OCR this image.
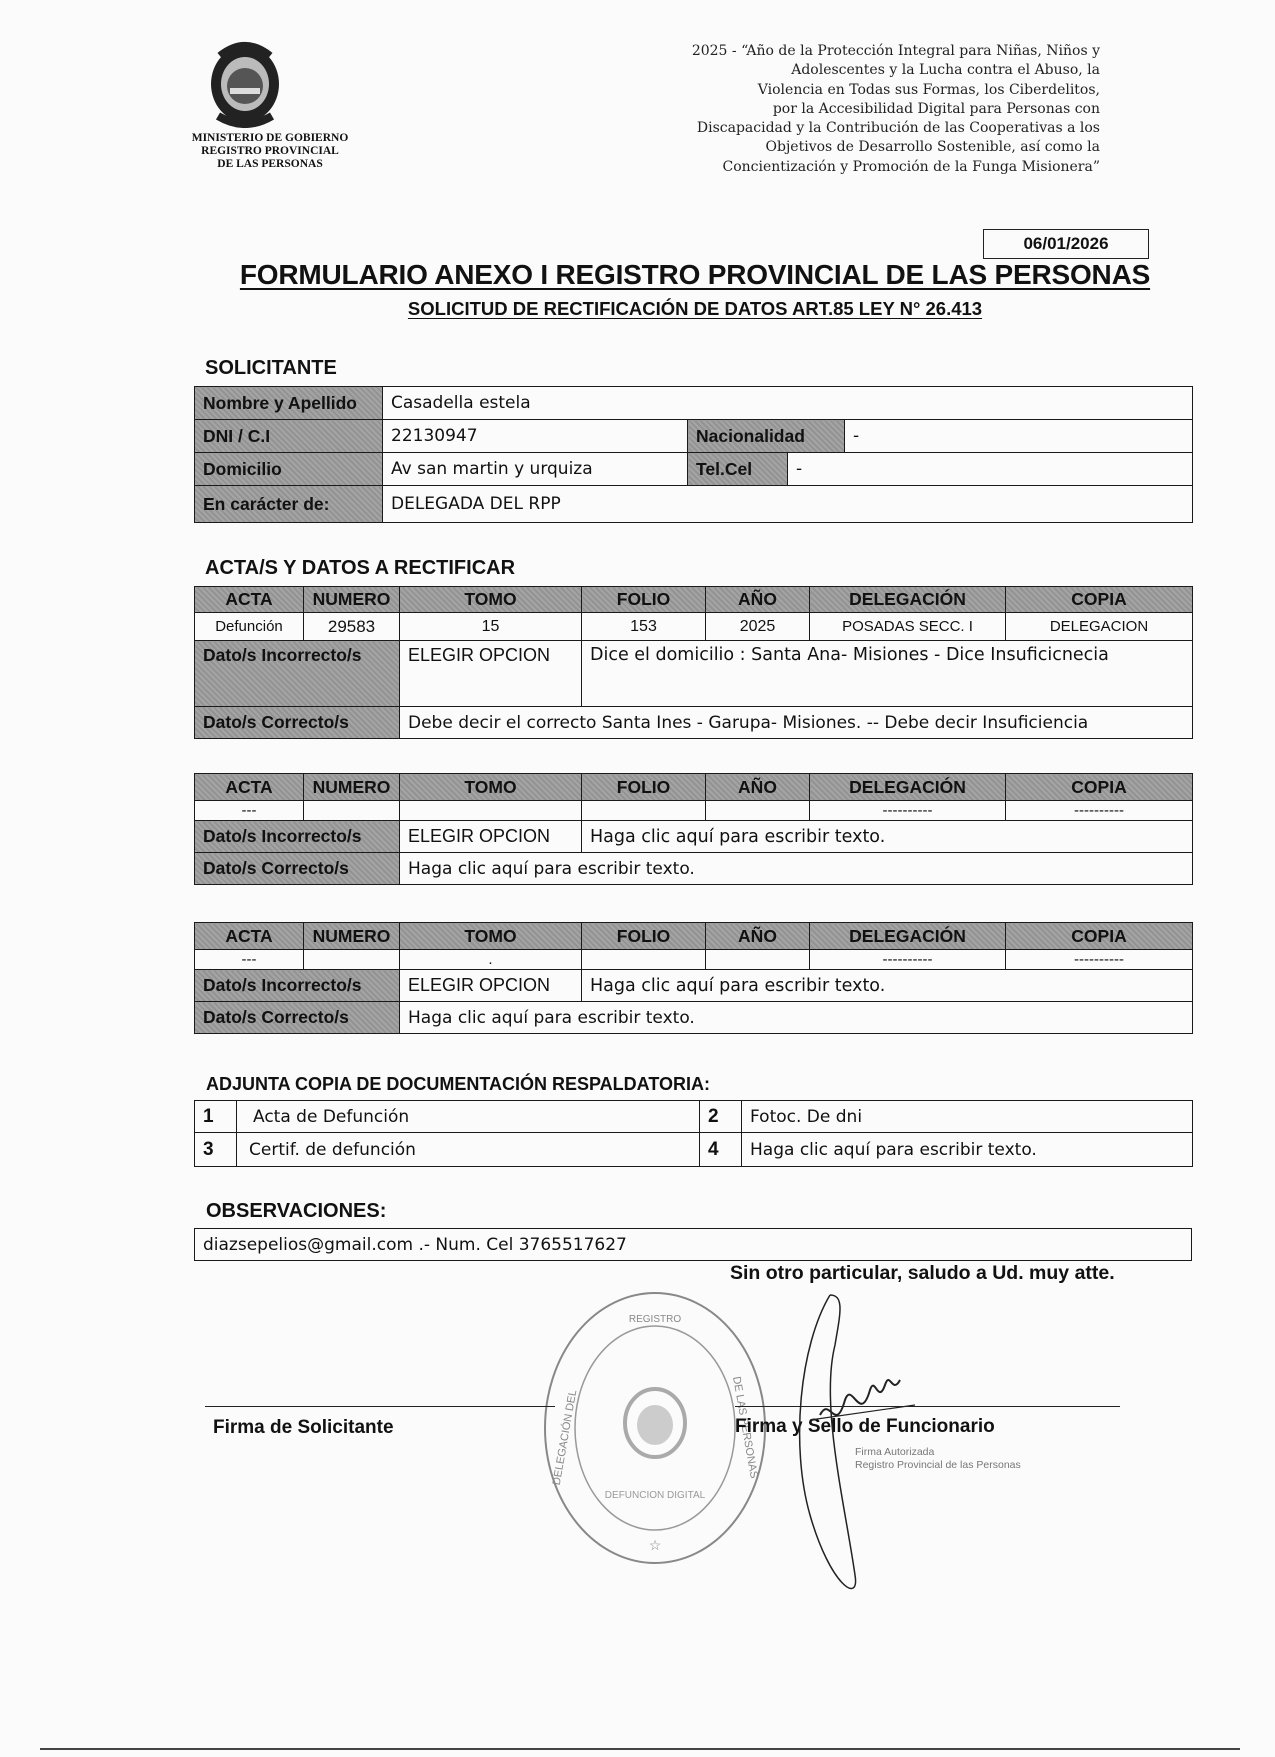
MINISTERIO DE GOBIERNO
REGISTRO PROVINCIAL
DE LAS PERSONAS
2025 - “Año de la Protección Integral para Niñas, Niños y
Adolescentes y la Lucha contra el Abuso, la
Violencia en Todas sus Formas, los Ciberdelitos,
por la Accesibilidad Digital para Personas con
Discapacidad y la Contribución de las Cooperativas a los
Objetivos de Desarrollo Sostenible, así como la
Concientización y Promoción de la Funga Misionera”
06/01/2026
FORMULARIO ANEXO I REGISTRO PROVINCIAL DE LAS PERSONAS
SOLICITUD DE RECTIFICACIÓN DE DATOS ART.85 LEY N° 26.413
SOLICITANTE
Nombre y Apellido	Casadella estela			
DNI / C.I	22130947	Nacionalidad		-
Domicilio	Av san martin y urquiza	Tel.Cel	-	
En carácter de:	DELEGADA DEL RPP			
ACTA/S Y DATOS A RECTIFICAR
ACTA	NUMERO	TOMO	FOLIO	AÑO	DELEGACIÓN	COPIA
Defunción	29583	15	153	2025	POSADAS SECC. I	DELEGACION
Dato/s Incorrecto/s		ELEGIR OPCION	Dice el domicilio : Santa Ana- Misiones - Dice Insuficicnecia			
Dato/s Correcto/s		Debe decir el correcto Santa Ines - Garupa- Misiones. -- Debe decir Insuficiencia				
ACTA	NUMERO	TOMO	FOLIO	AÑO	DELEGACIÓN	COPIA
---					----------	----------
Dato/s Incorrecto/s		ELEGIR OPCION	Haga clic aquí para escribir texto.			
Dato/s Correcto/s		Haga clic aquí para escribir texto.				
ACTA	NUMERO	TOMO	FOLIO	AÑO	DELEGACIÓN	COPIA
---		.			----------	----------
Dato/s Incorrecto/s		ELEGIR OPCION	Haga clic aquí para escribir texto.			
Dato/s Correcto/s		Haga clic aquí para escribir texto.				
ADJUNTA COPIA DE DOCUMENTACIÓN RESPALDATORIA:
1	Acta de Defunción	2	Fotoc. De dni
3	Certif. de defunción	4	Haga clic aquí para escribir texto.
OBSERVACIONES:
diazsepelios@gmail.com .- Num. Cel 3765517627
Sin otro particular, saludo a Ud. muy atte.
REGISTRO
DELEGACIÓN DEL	DE LAS PERSONAS
DEFUNCION DIGITAL
☆
Firma de Solicitante	Firma y Sello de Funcionario
Firma Autorizada
Registro Provincial de las Personas
